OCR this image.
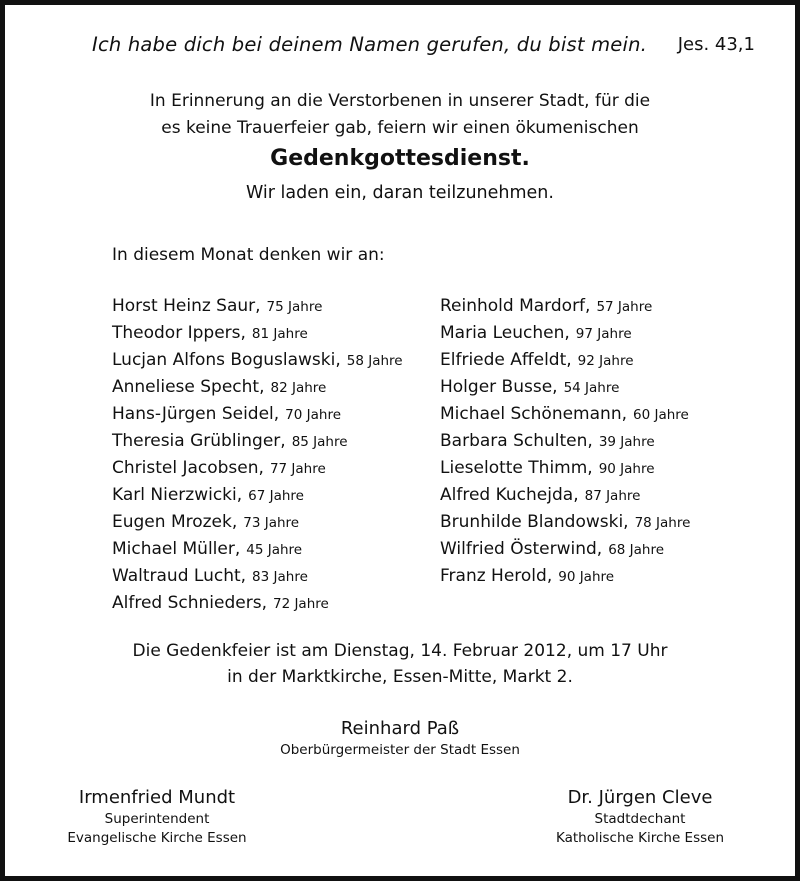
Ich habe dich bei deinem Namen gerufen, du bist mein. Jes. 43,1
In Erinnerung an die Verstorbenen in unserer Stadt, für die
es keine Trauerfeier gab, feiern wir einen ökumenischen
Gedenkgottesdienst.
Wir laden ein, daran teilzunehmen.
In diesem Monat denken wir an:
Horst Heinz Saur, 75 Jahre
Theodor Ippers, 81 Jahre
Lucjan Alfons Boguslawski, 58 Jahre
Anneliese Specht, 82 Jahre
Hans-Jürgen Seidel, 70 Jahre
Theresia Grüblinger, 85 Jahre
Christel Jacobsen, 77 Jahre
Karl Nierzwicki, 67 Jahre
Eugen Mrozek, 73 Jahre
Michael Müller, 45 Jahre
Waltraud Lucht, 83 Jahre
Alfred Schnieders, 72 Jahre
Reinhold Mardorf, 57 Jahre
Maria Leuchen, 97 Jahre
Elfriede Affeldt, 92 Jahre
Holger Busse, 54 Jahre
Michael Schönemann, 60 Jahre
Barbara Schulten, 39 Jahre
Lieselotte Thimm, 90 Jahre
Alfred Kuchejda, 87 Jahre
Brunhilde Blandowski, 78 Jahre
Wilfried Österwind, 68 Jahre
Franz Herold, 90 Jahre
Die Gedenkfeier ist am Dienstag, 14. Februar 2012, um 17 Uhr
in der Marktkirche, Essen-Mitte, Markt 2.
Reinhard Paß
Oberbürgermeister der Stadt Essen
Irmenfried Mundt
Superintendent
Evangelische Kirche Essen
Dr. Jürgen Cleve
Stadtdechant
Katholische Kirche Essen
